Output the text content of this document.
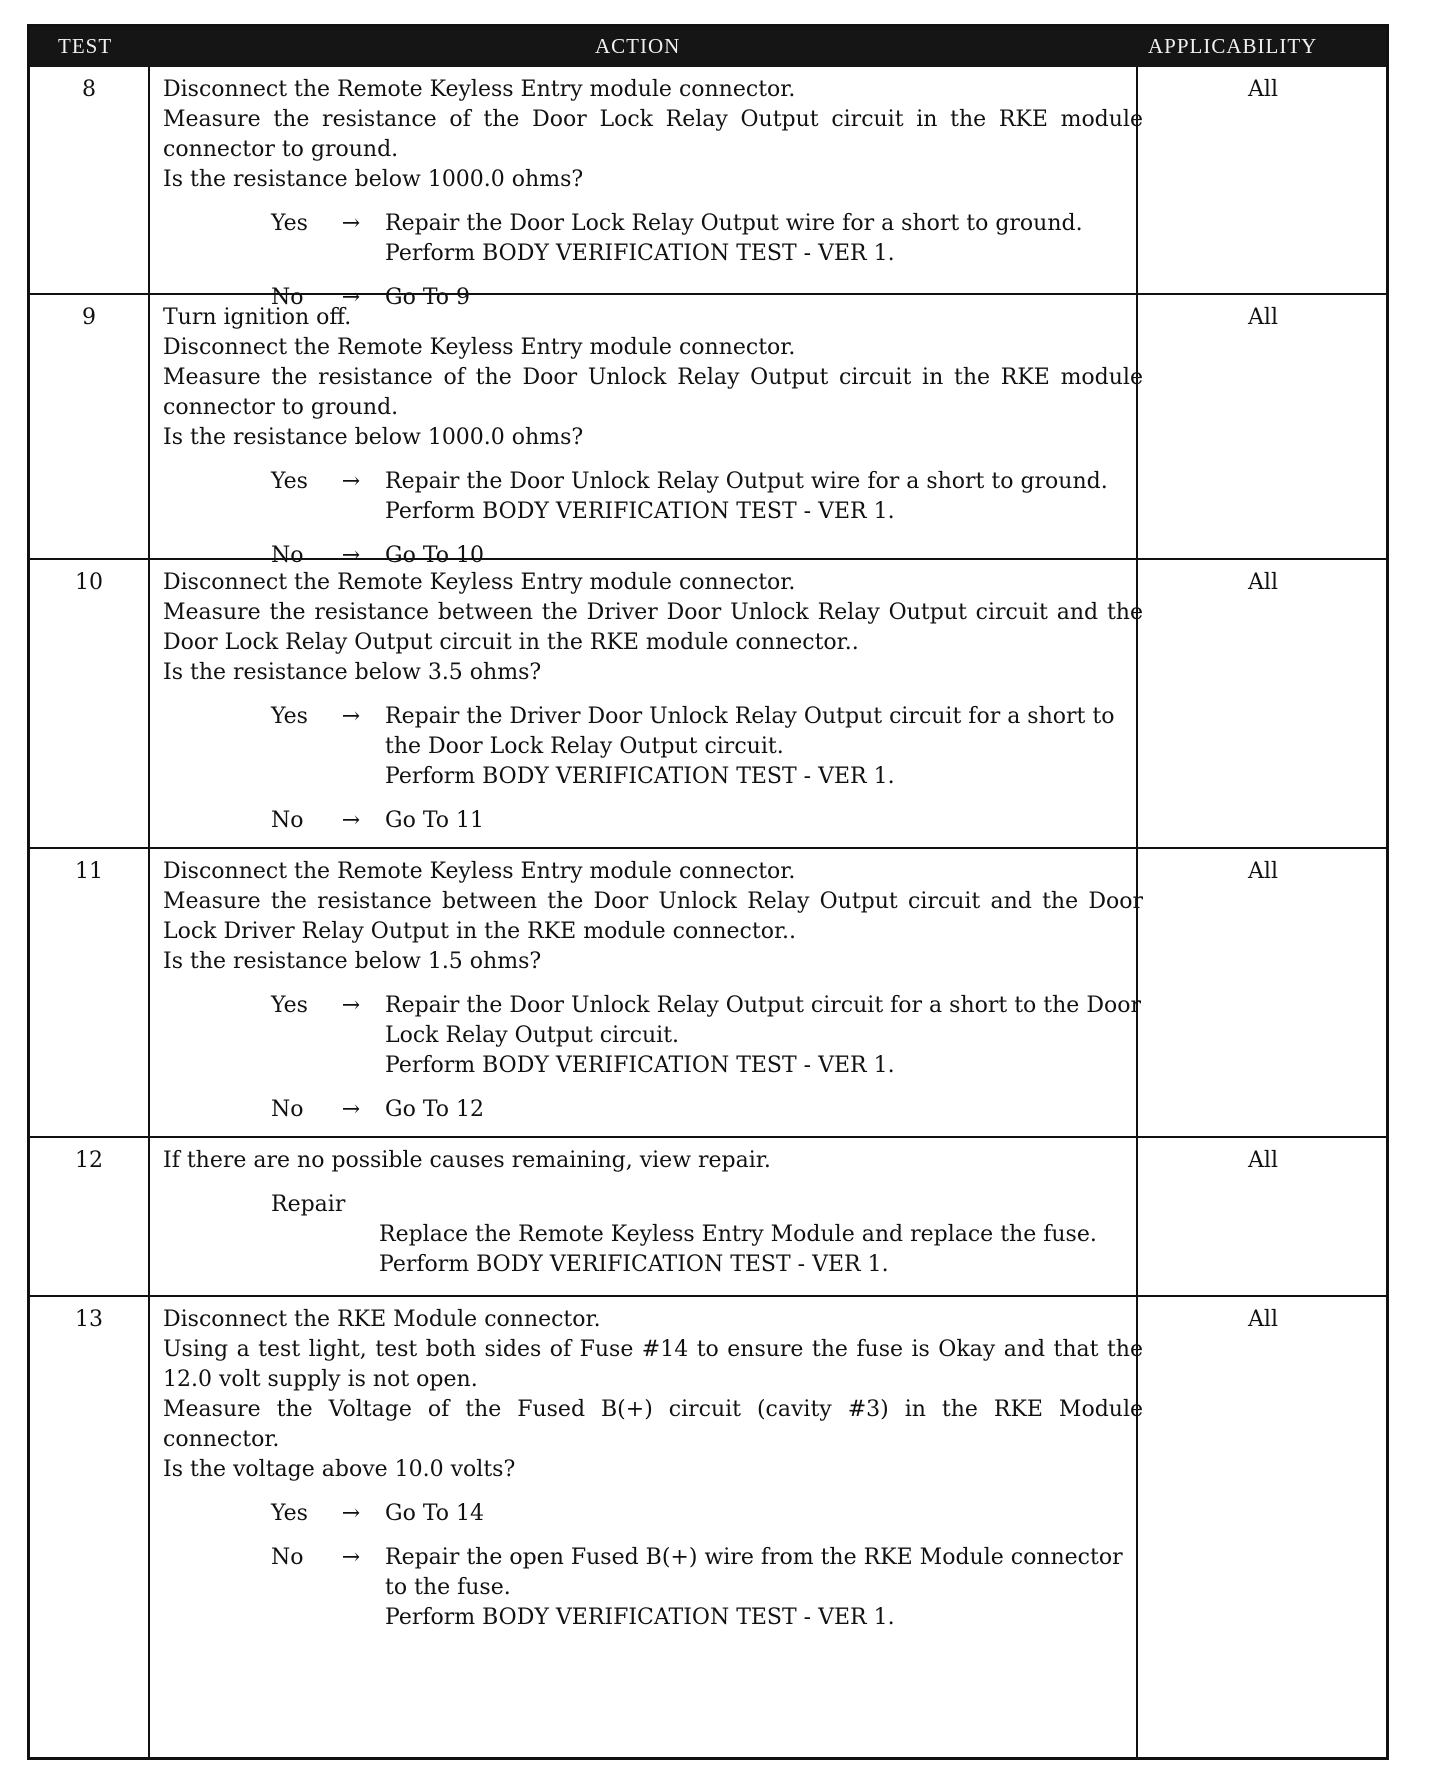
TEST	ACTION	APPLICABILITY
8	Disconnect the Remote Keyless Entry module connector.

Measure the resistance of the Door Lock Relay Output circuit in the RKE module connector to ground.

Is the resistance below 1000.0 ohms?

Yes	→	Repair the Door Lock Relay Output wire for a short to ground.
Perform BODY VERIFICATION TEST - VER 1.
No	→	Go To 9
All
9	Turn ignition off.

Disconnect the Remote Keyless Entry module connector.

Measure the resistance of the Door Unlock Relay Output circuit in the RKE module connector to ground.

Is the resistance below 1000.0 ohms?

Yes	→	Repair the Door Unlock Relay Output wire for a short to ground.
Perform BODY VERIFICATION TEST - VER 1.
No	→	Go To 10
All
10	Disconnect the Remote Keyless Entry module connector.

Measure the resistance between the Driver Door Unlock Relay Output circuit and the Door Lock Relay Output circuit in the RKE module connector..

Is the resistance below 3.5 ohms?

Yes	→	Repair the Driver Door Unlock Relay Output circuit for a short to the Door Lock Relay Output circuit.
Perform BODY VERIFICATION TEST - VER 1.
No	→	Go To 11
All
11	Disconnect the Remote Keyless Entry module connector.

Measure the resistance between the Door Unlock Relay Output circuit and the Door Lock Driver Relay Output in the RKE module connector..

Is the resistance below 1.5 ohms?

Yes	→	Repair the Door Unlock Relay Output circuit for a short to the Door Lock Relay Output circuit.
Perform BODY VERIFICATION TEST - VER 1.
No	→	Go To 12
All
12	If there are no possible causes remaining, view repair.

Repair
Replace the Remote Keyless Entry Module and replace the fuse.
Perform BODY VERIFICATION TEST - VER 1.
All
13	Disconnect the RKE Module connector.

Using a test light, test both sides of Fuse #14 to ensure the fuse is Okay and that the 12.0 volt supply is not open.

Measure the Voltage of the Fused B(+) circuit (cavity #3) in the RKE Module connector.

Is the voltage above 10.0 volts?

Yes	→	Go To 14
No	→	Repair the open Fused B(+) wire from the RKE Module connector to the fuse.
Perform BODY VERIFICATION TEST - VER 1.
All
